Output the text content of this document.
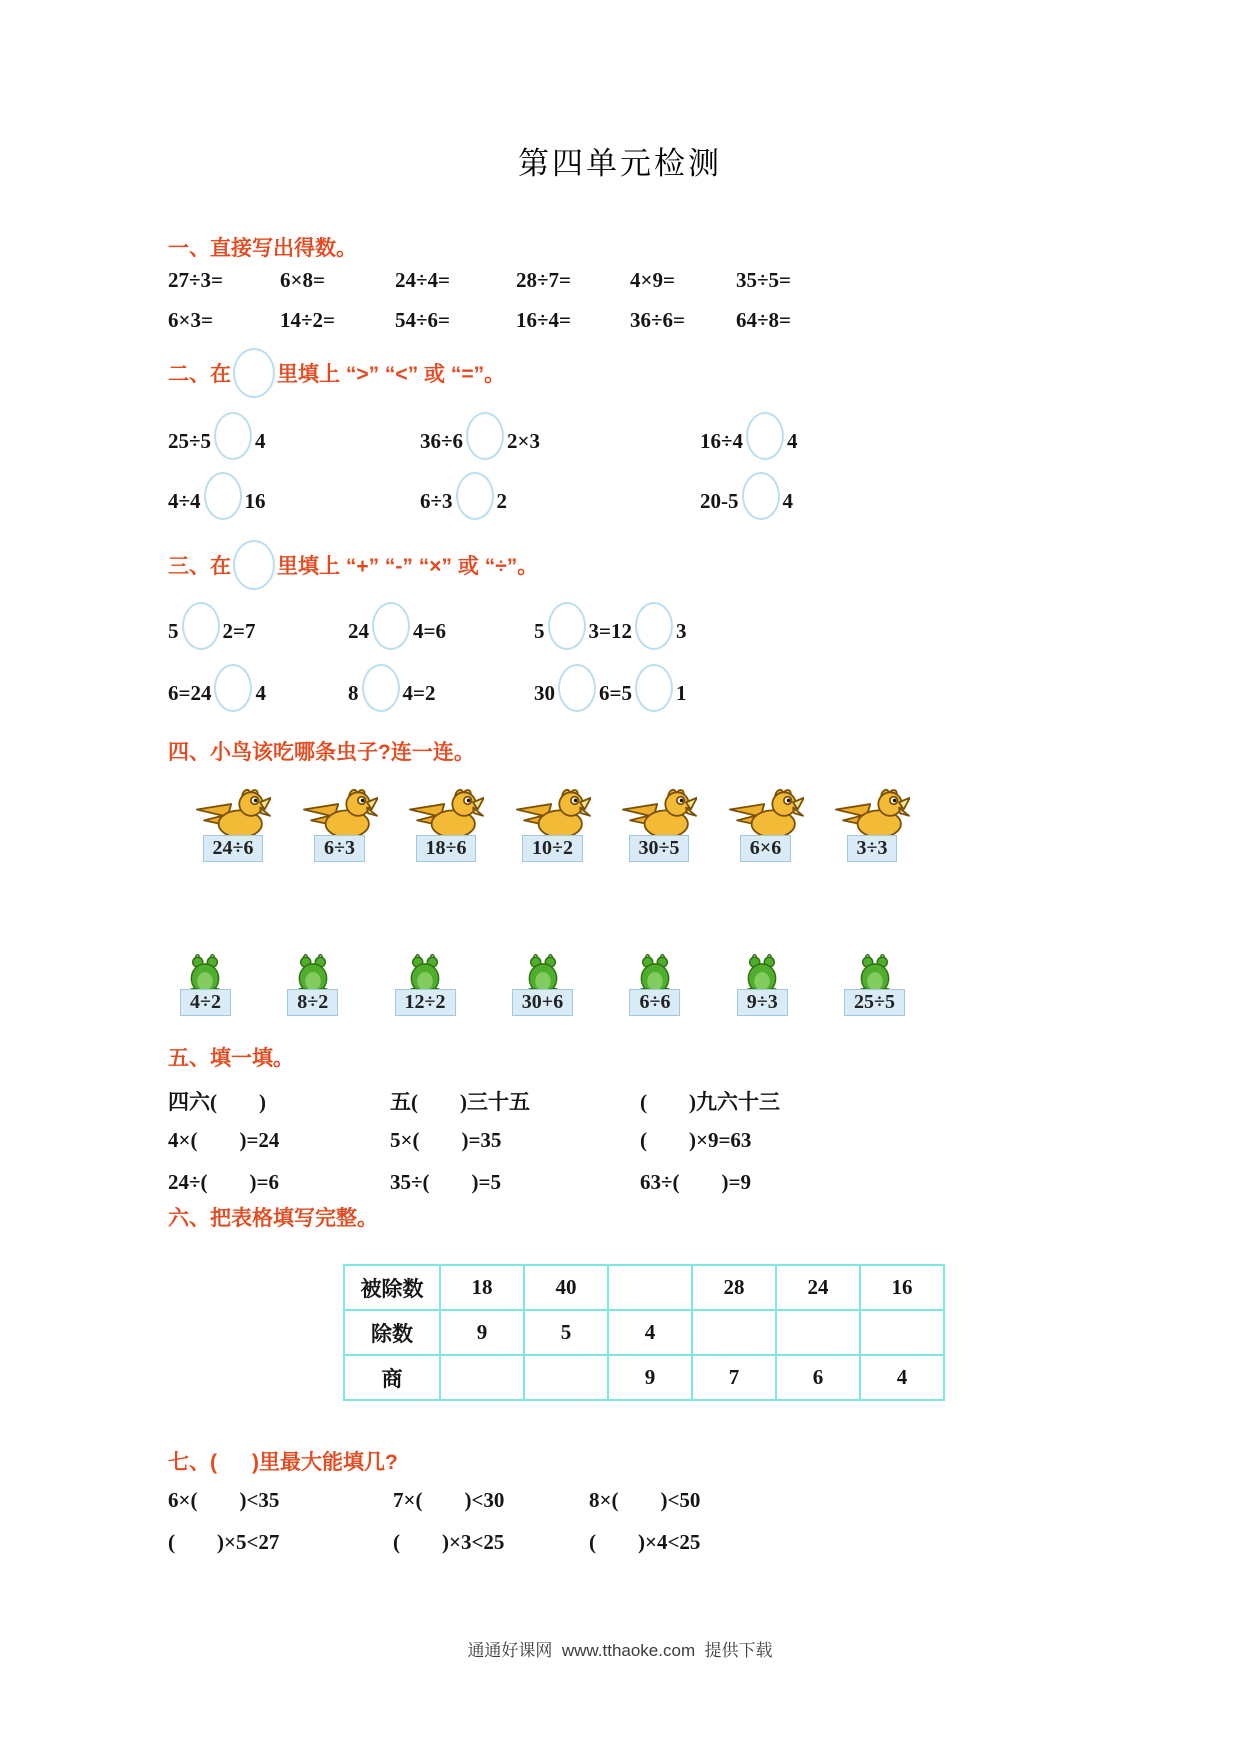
第四单元检测
一、直接写出得数。
27÷3=	6×8=	24÷4=	28÷7=	4×9=	35÷5=
6×3=	14÷2=	54÷6=	16÷4=	36÷6=	64÷8=
二、在 里填上 “>” “<” 或 “=”。
25÷5 4	36÷6 2×3	16÷4 4
4÷4 16	6÷3 2	20-5 4
三、在 里填上 “+” “-” “×” 或 “÷”。
5 2=7	24 4=6	5 3=12 3
6=24 4	8 4=2	30 6=5 1
四、小鸟该吃哪条虫子?连一连。
24÷6	6÷3	18÷6	10÷2	30÷5	6×6	3÷3
4÷2	8÷2	12÷2	30+6	6÷6	9÷3	25÷5
五、填一填。
四六(        )	五(        )三十五	(        )九六十三
4×(        )=24	5×(        )=35	(        )×9=63
24÷(        )=6	35÷(        )=5	63÷(        )=9
六、把表格填写完整。
被除数	18	40		28	24	16
除数	9	5	4			
商			9	7	6	4
七、(      )里最大能填几?
6×(        )<35	7×(        )<30	8×(        )<50
(        )×5<27	(        )×3<25	(        )×4<25
通通好课网  www.tthaoke.com  提供下载
